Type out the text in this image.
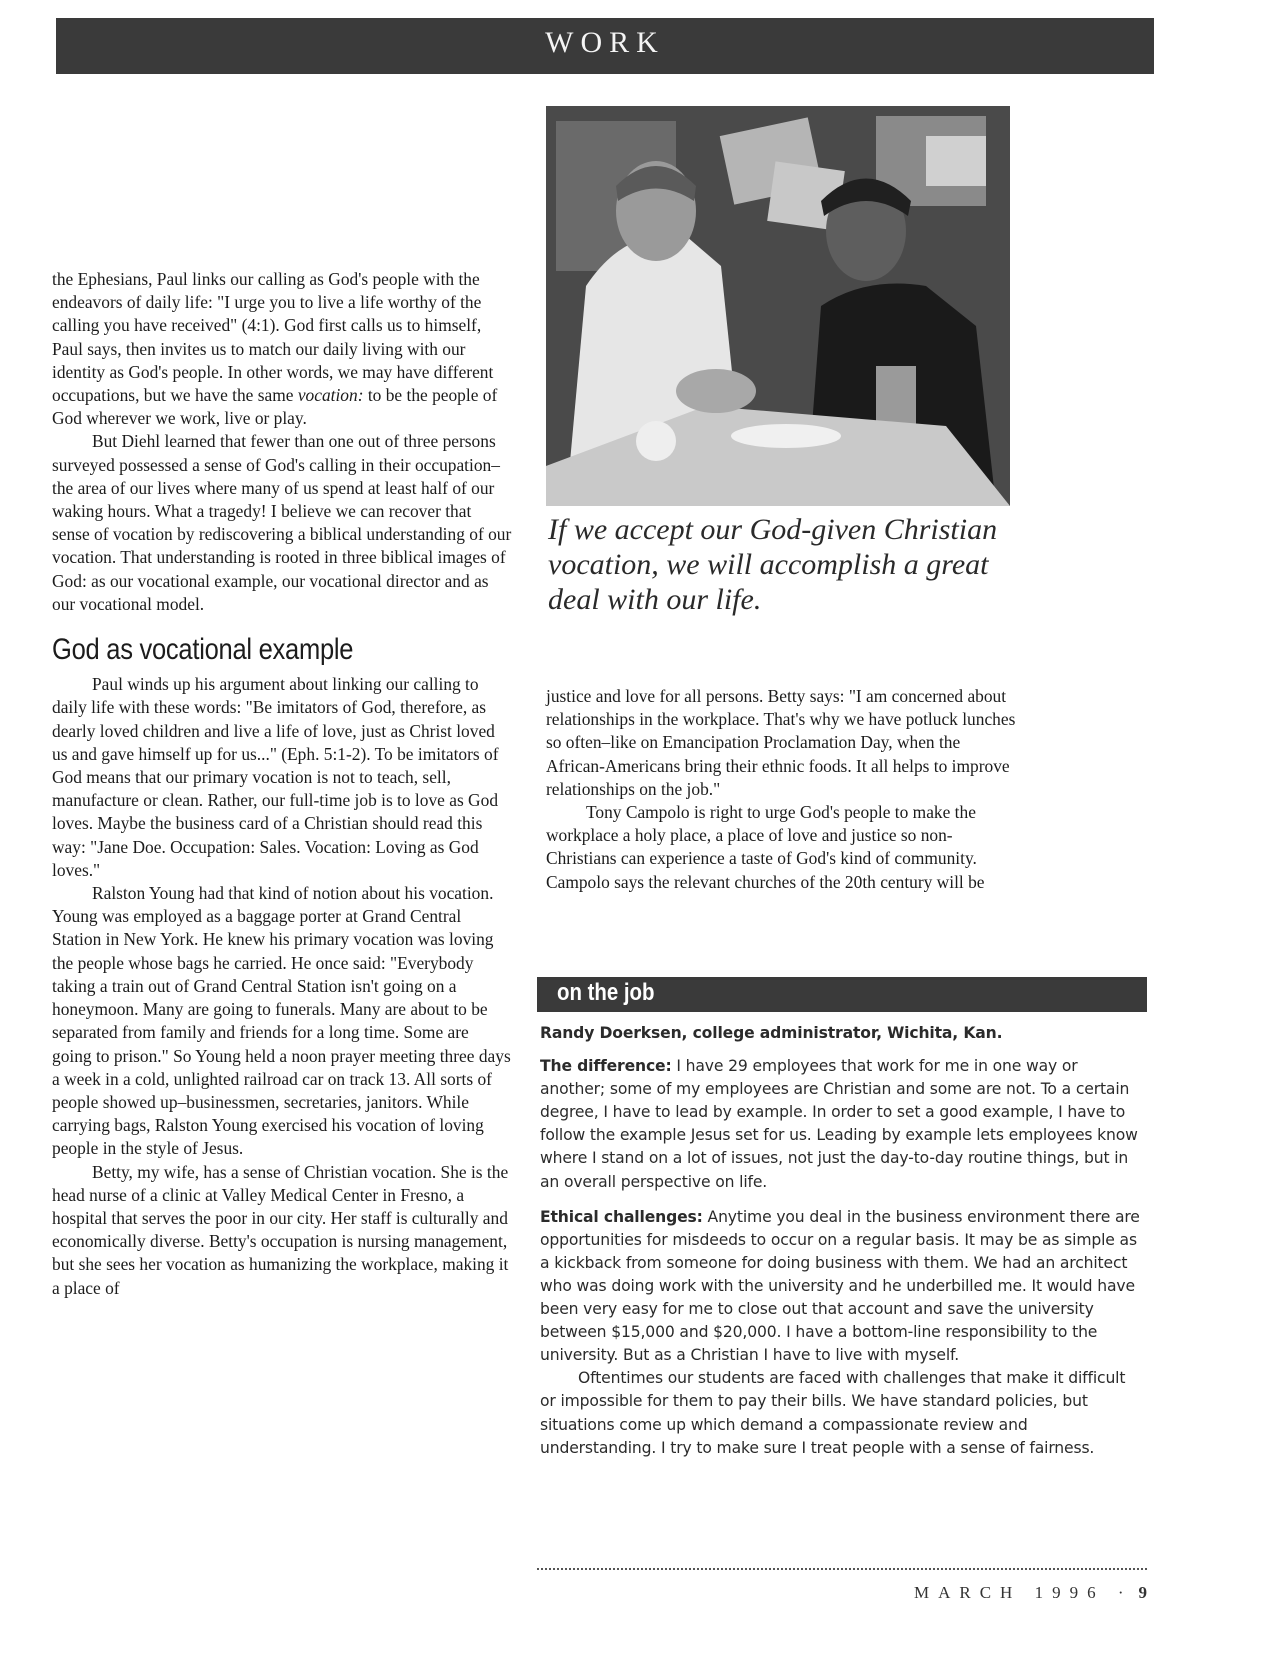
WORK

the Ephesians, Paul links our calling as God's people with the endeavors of daily life: "I urge you to live a life worthy of the calling you have received" (4:1). God first calls us to himself, Paul says, then invites us to match our daily living with our identity as God's people. In other words, we may have different occupations, but we have the same vocation: to be the people of God wherever we work, live or play.

But Diehl learned that fewer than one out of three persons surveyed possessed a sense of God's calling in their occupation–the area of our lives where many of us spend at least half of our waking hours. What a tragedy! I believe we can recover that sense of vocation by rediscovering a biblical understanding of our vocation. That understanding is rooted in three biblical images of God: as our vocational example, our vocational director and as our vocational model.

God as vocational example

Paul winds up his argument about linking our calling to daily life with these words: "Be imitators of God, therefore, as dearly loved children and live a life of love, just as Christ loved us and gave himself up for us..." (Eph. 5:1-2). To be imitators of God means that our primary vocation is not to teach, sell, manufacture or clean. Rather, our full-time job is to love as God loves. Maybe the business card of a Christian should read this way: "Jane Doe. Occupation: Sales. Vocation: Loving as God loves."

Ralston Young had that kind of notion about his vocation. Young was employed as a baggage porter at Grand Central Station in New York. He knew his primary vocation was loving the people whose bags he carried. He once said: "Everybody taking a train out of Grand Central Station isn't going on a honeymoon. Many are going to funerals. Many are about to be separated from family and friends for a long time. Some are going to prison." So Young held a noon prayer meeting three days a week in a cold, unlighted railroad car on track 13. All sorts of people showed up–businessmen, secretaries, janitors. While carrying bags, Ralston Young exercised his vocation of loving people in the style of Jesus.

Betty, my wife, has a sense of Christian vocation. She is the head nurse of a clinic at Valley Medical Center in Fresno, a hospital that serves the poor in our city. Her staff is culturally and economically diverse. Betty's occupation is nursing management, but she sees her vocation as humanizing the workplace, making it a place of

If we accept our God-given Christian vocation, we will accomplish a great deal with our life.

justice and love for all persons. Betty says: "I am concerned about relationships in the workplace. That's why we have potluck lunches so often–like on Emancipation Proclamation Day, when the African-Americans bring their ethnic foods. It all helps to improve relationships on the job."

Tony Campolo is right to urge God's people to make the workplace a holy place, a place of love and justice so non-Christians can experience a taste of God's kind of community. Campolo says the relevant churches of the 20th century will be

on the job

Randy Doerksen, college administrator, Wichita, Kan.

The difference: I have 29 employees that work for me in one way or another; some of my employees are Christian and some are not. To a certain degree, I have to lead by example. In order to set a good example, I have to follow the example Jesus set for us. Leading by example lets employees know where I stand on a lot of issues, not just the day-to-day routine things, but in an overall perspective on life.

Ethical challenges: Anytime you deal in the business environment there are opportunities for misdeeds to occur on a regular basis. It may be as simple as a kickback from someone for doing business with them. We had an architect who was doing work with the university and he underbilled me. It would have been very easy for me to close out that account and save the university between $15,000 and $20,000. I have a bottom-line responsibility to the university. But as a Christian I have to live with myself.

Oftentimes our students are faced with challenges that make it difficult or impossible for them to pay their bills. We have standard policies, but situations come up which demand a compassionate review and understanding. I try to make sure I treat people with a sense of fairness.

MARCH 1996 · 9
